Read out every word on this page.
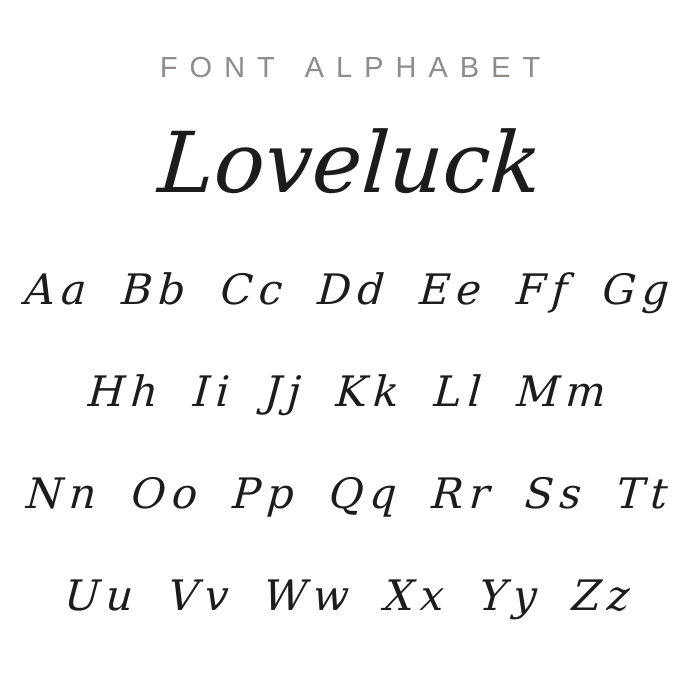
FONT ALPHABET
Loveluck
Aa Bb Cc Dd Ee Ff Gg
Hh Ii Jj Kk Ll Mm
Nn Oo Pp Qq Rr Ss Tt
Uu Vv Ww Xx Yy Zz
